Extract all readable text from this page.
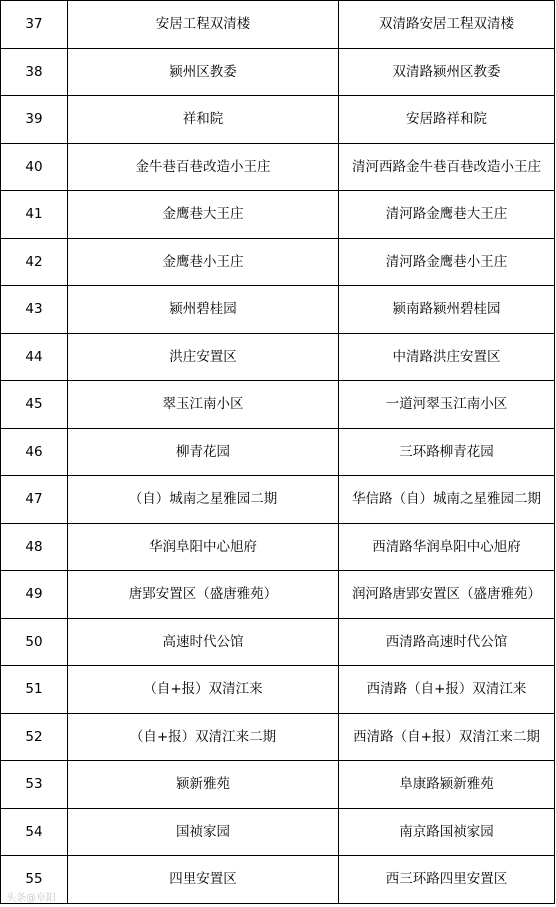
37	安居工程双清楼	双清路安居工程双清楼
38	颍州区教委	双清路颍州区教委
39	祥和院	安居路祥和院
40	金牛巷百巷改造小王庄	清河西路金牛巷百巷改造小王庄
41	金鹰巷大王庄	清河路金鹰巷大王庄
42	金鹰巷小王庄	清河路金鹰巷小王庄
43	颍州碧桂园	颍南路颍州碧桂园
44	洪庄安置区	中清路洪庄安置区
45	翠玉江南小区	一道河翠玉江南小区
46	柳青花园	三环路柳青花园
47	（自）城南之星雅园二期	华信路（自）城南之星雅园二期
48	华润阜阳中心旭府	西清路华润阜阳中心旭府
49	唐郢安置区（盛唐雅苑）	润河路唐郢安置区（盛唐雅苑）
50	高速时代公馆	西清路高速时代公馆
51	（自+报）双清江来	西清路（自+报）双清江来
52	（自+报）双清江来二期	西清路（自+报）双清江来二期
53	颍新雅苑	阜康路颍新雅苑
54	国祯家园	南京路国祯家园
55	四里安置区	西三环路四里安置区
头条@阜阳
